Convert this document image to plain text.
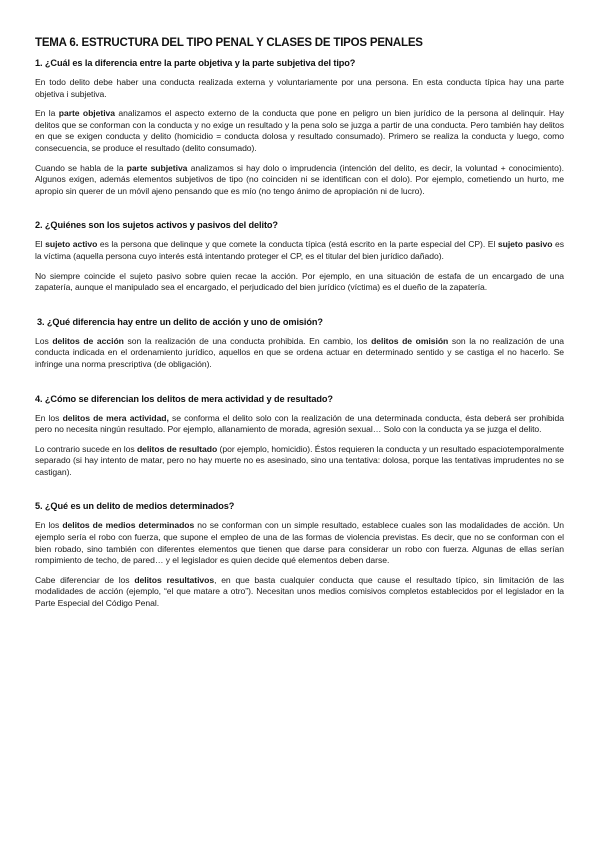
TEMA 6. ESTRUCTURA DEL TIPO PENAL Y CLASES DE TIPOS PENALES
1. ¿Cuál es la diferencia entre la parte objetiva y la parte subjetiva del tipo?
En todo delito debe haber una conducta realizada externa y voluntariamente por una persona. En esta conducta típica hay una parte objetiva i subjetiva.
En la parte objetiva analizamos el aspecto externo de la conducta que pone en peligro un bien jurídico de la persona al delinquir. Hay delitos que se conforman con la conducta y no exige un resultado y la pena solo se juzga a partir de una conducta. Pero también hay delitos en que se exigen conducta y delito (homicidio = conducta dolosa y resultado consumado). Primero se realiza la conducta y luego, como consecuencia, se produce el resultado (delito consumado).
Cuando se habla de la parte subjetiva analizamos si hay dolo o imprudencia (intención del delito, es decir, la voluntad + conocimiento). Algunos exigen, además elementos subjetivos de tipo (no coinciden ni se identifican con el dolo). Por ejemplo, cometiendo un hurto, me apropio sin querer de un móvil ajeno pensando que es mío (no tengo ánimo de apropiación ni de lucro).
2. ¿Quiénes son los sujetos activos y pasivos del delito?
El sujeto activo es la persona que delinque y que comete la conducta típica (está escrito en la parte especial del CP). El sujeto pasivo es la víctima (aquella persona cuyo interés está intentando proteger el CP, es el titular del bien jurídico dañado).
No siempre coincide el sujeto pasivo sobre quien recae la acción. Por ejemplo, en una situación de estafa de un encargado de una zapatería, aunque el manipulado sea el encargado, el perjudicado del bien jurídico (víctima) es el dueño de la zapatería.
3. ¿Qué diferencia hay entre un delito de acción y uno de omisión?
Los delitos de acción son la realización de una conducta prohibida. En cambio, los delitos de omisión son la no realización de una conducta indicada en el ordenamiento jurídico, aquellos en que se ordena actuar en determinado sentido y se castiga el no hacerlo. Se infringe una norma prescriptiva (de obligación).
4. ¿Cómo se diferencian los delitos de mera actividad y de resultado?
En los delitos de mera actividad, se conforma el delito solo con la realización de una determinada conducta, ésta deberá ser prohibida pero no necesita ningún resultado. Por ejemplo, allanamiento de morada, agresión sexual… Solo con la conducta ya se juzga el delito.
Lo contrario sucede en los delitos de resultado (por ejemplo, homicidio). Éstos requieren la conducta y un resultado espaciotemporalmente separado (si hay intento de matar, pero no hay muerte no es asesinado, sino una tentativa: dolosa, porque las tentativas imprudentes no se castigan).
5. ¿Qué es un delito de medios determinados?
En los delitos de medios determinados no se conforman con un simple resultado, establece cuales son las modalidades de acción. Un ejemplo sería el robo con fuerza, que supone el empleo de una de las formas de violencia previstas. Es decir, que no se conforman con el bien robado, sino también con diferentes elementos que tienen que darse para considerar un robo con fuerza. Algunas de ellas serían rompimiento de techo, de pared… y el legislador es quien decide qué elementos deben darse.
Cabe diferenciar de los delitos resultativos, en que basta cualquier conducta que cause el resultado típico, sin limitación de las modalidades de acción (ejemplo, “el que matare a otro”). Necesitan unos medios comisivos completos establecidos por el legislador en la Parte Especial del Código Penal.
